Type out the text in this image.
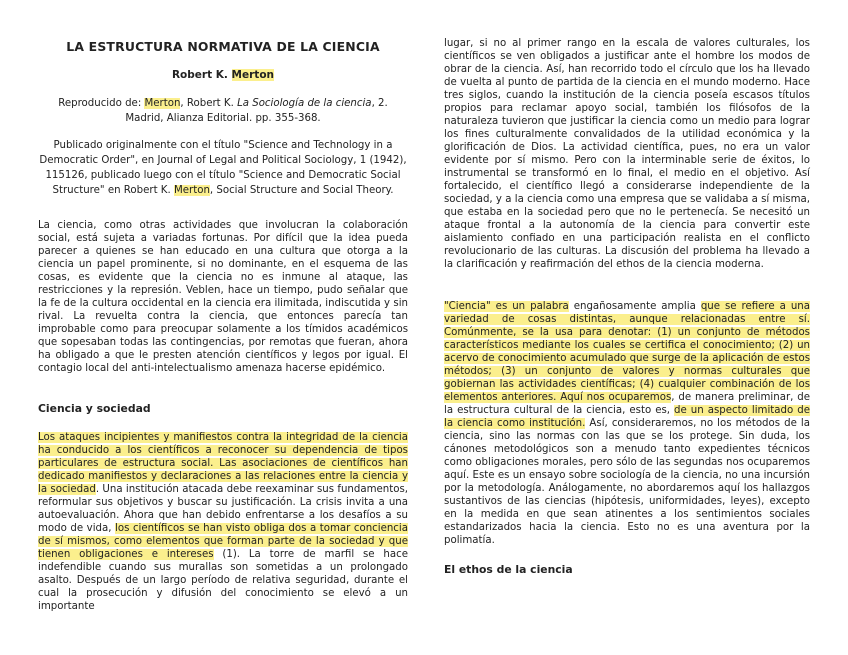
LA ESTRUCTURA NORMATIVA DE LA CIENCIA

Robert K. Merton

Reproducido de: Merton, Robert K. La Sociología de la ciencia, 2. Madrid, Alianza Editorial. pp. 355-368.

Publicado originalmente con el título "Science and Technology in a Democratic Order", en Journal of Legal and Political Sociology, 1 (1942), 115126, publicado luego con el título "Science and Democratic Social Structure" en Robert K. Merton, Social Structure and Social Theory.

La ciencia, como otras actividades que involucran la colaboración social, está sujeta a variadas fortunas. Por difícil que la idea pueda parecer a quienes se han educado en una cultura que otorga a la ciencia un papel prominente, si no dominante, en el esquema de las cosas, es evidente que la ciencia no es inmune al ataque, las restricciones y la represión. Veblen, hace un tiempo, pudo señalar que la fe de la cultura occidental en la ciencia era ilimitada, indiscutida y sin rival. La revuelta contra la ciencia, que entonces parecía tan improbable como para preocupar solamente a los tímidos académicos que sopesaban todas las contingencias, por remotas que fueran, ahora ha obligado a que le presten atención científicos y legos por igual. El contagio local del anti-intelectualismo amenaza hacerse epidémico.

Ciencia y sociedad

Los ataques incipientes y manifiestos contra la integridad de la ciencia ha conducido a los científicos a reconocer su dependencia de tipos particulares de estructura social. Las asociaciones de científicos han dedicado manifiestos y declaraciones a las relaciones entre la ciencia y la sociedad. Una institución atacada debe reexaminar sus fundamentos, reformular sus objetivos y buscar su justificación. La crisis invita a una autoevaluación. Ahora que han debido enfrentarse a los desafíos a su modo de vida, los científicos se han visto obliga dos a tomar conciencia de sí mismos, como elementos que forman parte de la sociedad y que tienen obligaciones e intereses (1). La torre de marfil se hace indefendible cuando sus murallas son sometidas a un prolongado asalto. Después de un largo período de relativa seguridad, durante el cual la prosecución y difusión del conocimiento se elevó a un importante

lugar, si no al primer rango en la escala de valores culturales, los científicos se ven obligados a justificar ante el hombre los modos de obrar de la ciencia. Así, han recorrido todo el círculo que los ha llevado de vuelta al punto de partida de la ciencia en el mundo moderno. Hace tres siglos, cuando la institución de la ciencia poseía escasos títulos propios para reclamar apoyo social, también los filósofos de la naturaleza tuvieron que justificar la ciencia como un medio para lograr los fines culturalmente convalidados de la utilidad económica y la glorificación de Dios. La actividad científica, pues, no era un valor evidente por sí mismo. Pero con la interminable serie de éxitos, lo instrumental se transformó en lo final, el medio en el objetivo. Así fortalecido, el científico llegó a considerarse independiente de la sociedad, y a la ciencia como una empresa que se validaba a sí misma, que estaba en la sociedad pero que no le pertenecía. Se necesitó un ataque frontal a la autonomía de la ciencia para convertir este aislamiento confiado en una participación realista en el conflicto revolucionario de las culturas. La discusión del problema ha llevado a la clarificación y reafirmación del ethos de la ciencia moderna.

"Ciencia" es un palabra engañosamente amplia que se refiere a una variedad de cosas distintas, aunque relacionadas entre sí. Comúnmente, se la usa para denotar: (1) un conjunto de métodos característicos mediante los cuales se certifica el conocimiento; (2) un acervo de conocimiento acumulado que surge de la aplicación de estos métodos; (3) un conjunto de valores y normas culturales que gobiernan las actividades científicas; (4) cualquier combinación de los elementos anteriores. Aquí nos ocuparemos, de manera preliminar, de la estructura cultural de la ciencia, esto es, de un aspecto limitado de la ciencia como institución. Así, consideraremos, no los métodos de la ciencia, sino las normas con las que se los protege. Sin duda, los cánones metodológicos son a menudo tanto expedientes técnicos como obligaciones morales, pero sólo de las segundas nos ocuparemos aquí. Este es un ensayo sobre sociología de la ciencia, no una incursión por la metodología. Análogamente, no abordaremos aquí los hallazgos sustantivos de las ciencias (hipótesis, uniformidades, leyes), excepto en la medida en que sean atinentes a los sentimientos sociales estandarizados hacia la ciencia. Esto no es una aventura por la polimatía.

El ethos de la ciencia
